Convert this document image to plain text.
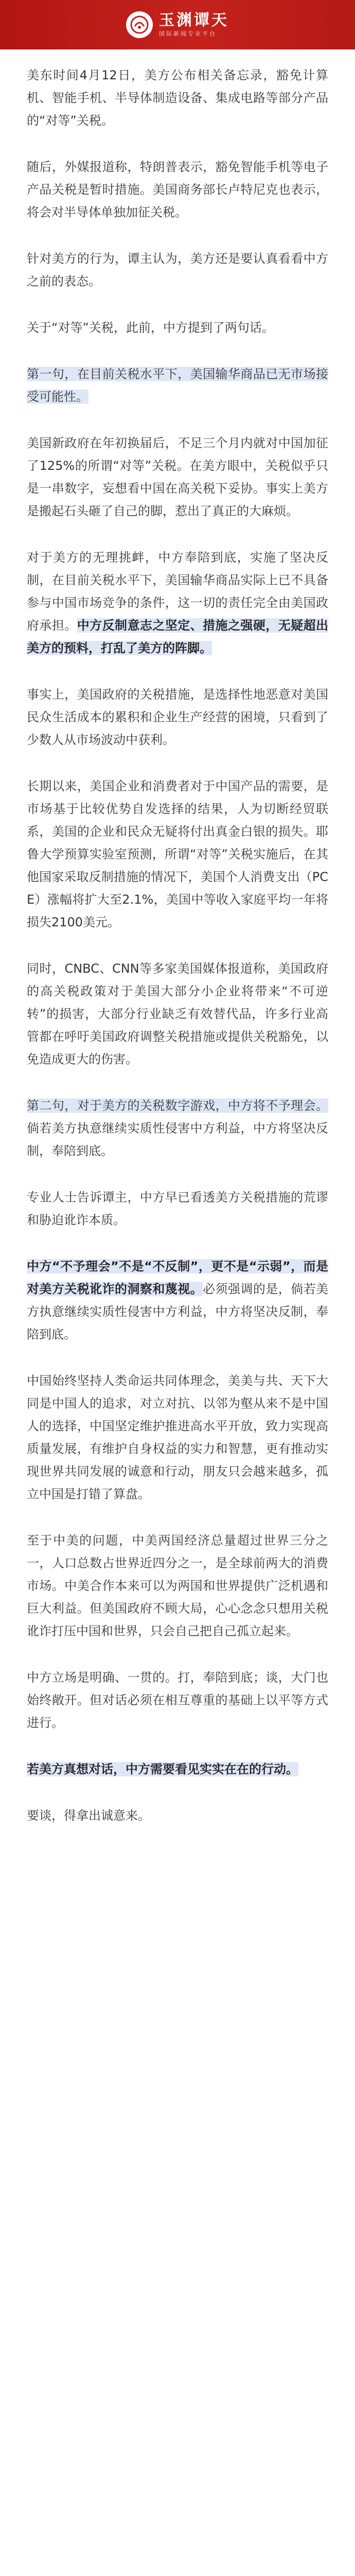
玉渊谭天
国际新闻专业平台

美东时间4月12日，美方公布相关备忘录，豁免计算机、智能手机、半导体制造设备、集成电路等部分产品的“对等”关税。

随后，外媒报道称，特朗普表示，豁免智能手机等电子产品关税是暂时措施。美国商务部长卢特尼克也表示，将会对半导体单独加征关税。

针对美方的行为，谭主认为，美方还是要认真看看中方之前的表态。

关于“对等”关税，此前，中方提到了两句话。

第一句，在目前关税水平下，美国输华商品已无市场接受可能性。

美国新政府在年初换届后，不足三个月内就对中国加征了125%的所谓“对等”关税。在美方眼中，关税似乎只是一串数字，妄想看中国在高关税下妥协。事实上美方是搬起石头砸了自己的脚，惹出了真正的大麻烦。

对于美方的无理挑衅，中方奉陪到底，实施了坚决反制，在目前关税水平下，美国输华商品实际上已不具备参与中国市场竞争的条件，这一切的责任完全由美国政府承担。中方反制意志之坚定、措施之强硬，无疑超出美方的预料，打乱了美方的阵脚。

事实上，美国政府的关税措施，是选择性地恶意对美国民众生活成本的累积和企业生产经营的困境，只看到了少数人从市场波动中获利。

长期以来，美国企业和消费者对于中国产品的需要，是市场基于比较优势自发选择的结果，人为切断经贸联系，美国的企业和民众无疑将付出真金白银的损失。耶鲁大学预算实验室预测，所谓“对等”关税实施后，在其他国家采取反制措施的情况下，美国个人消费支出（PCE）涨幅将扩大至2.1%，美国中等收入家庭平均一年将损失2100美元。

同时，CNBC、CNN等多家美国媒体报道称，美国政府的高关税政策对于美国大部分小企业将带来“不可逆转”的损害，大部分行业缺乏有效替代品，许多行业高管都在呼吁美国政府调整关税措施或提供关税豁免，以免造成更大的伤害。

第二句，对于美方的关税数字游戏，中方将不予理会。倘若美方执意继续实质性侵害中方利益，中方将坚决反制，奉陪到底。

专业人士告诉谭主，中方早已看透美方关税措施的荒谬和胁迫讹诈本质。

中方“不予理会”不是“不反制”，更不是“示弱”，而是对美方关税讹诈的洞察和蔑视。必须强调的是，倘若美方执意继续实质性侵害中方利益，中方将坚决反制，奉陪到底。

中国始终坚持人类命运共同体理念，美美与共、天下大同是中国人的追求，对立对抗、以邻为壑从来不是中国人的选择，中国坚定维护推进高水平开放，致力实现高质量发展，有维护自身权益的实力和智慧，更有推动实现世界共同发展的诚意和行动，朋友只会越来越多，孤立中国是打错了算盘。

至于中美的问题，中美两国经济总量超过世界三分之一，人口总数占世界近四分之一，是全球前两大的消费市场。中美合作本来可以为两国和世界提供广泛机遇和巨大利益。但美国政府不顾大局，心心念念只想用关税讹诈打压中国和世界，只会自己把自己孤立起来。

中方立场是明确、一贯的。打，奉陪到底；谈，大门也始终敞开。但对话必须在相互尊重的基础上以平等方式进行。

若美方真想对话，中方需要看见实实在在的行动。

要谈，得拿出诚意来。
